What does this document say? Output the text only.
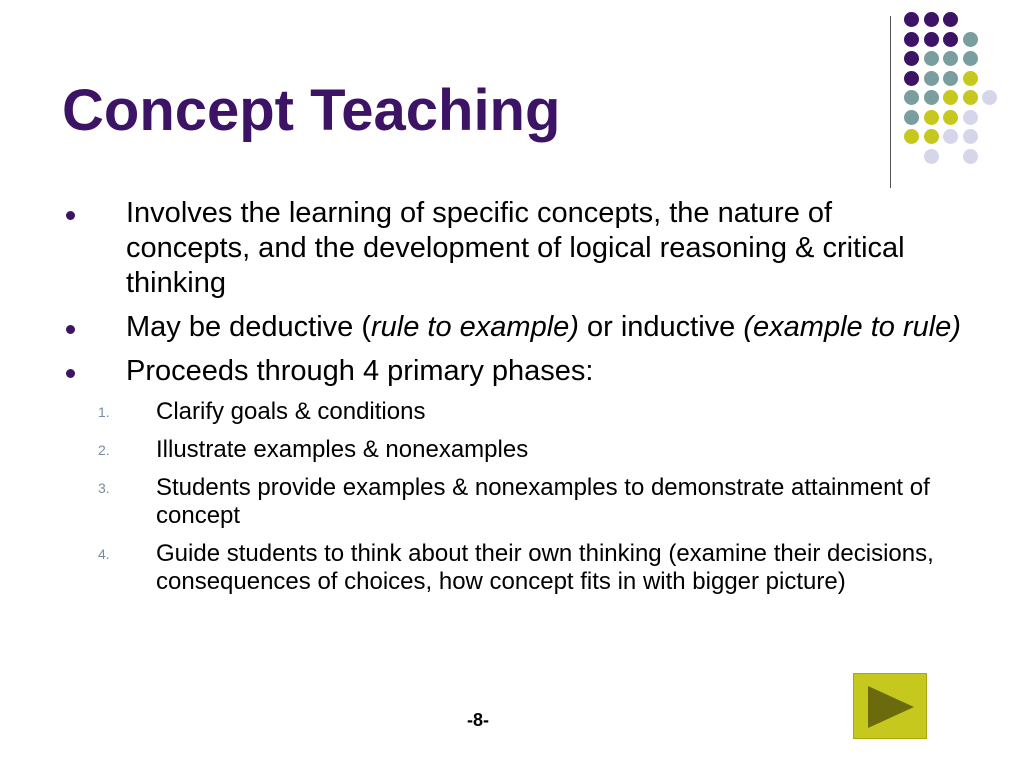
Concept Teaching
Involves the learning of specific concepts, the nature of concepts, and the development of logical reasoning & critical thinking
May be deductive (rule to example) or inductive (example to rule)
Proceeds through 4 primary phases:
1. Clarify goals & conditions
2. Illustrate examples & nonexamples
3. Students provide examples & nonexamples to demonstrate attainment of concept
4. Guide students to think about their own thinking (examine their decisions, consequences of choices, how concept fits in with bigger picture)
-8-
